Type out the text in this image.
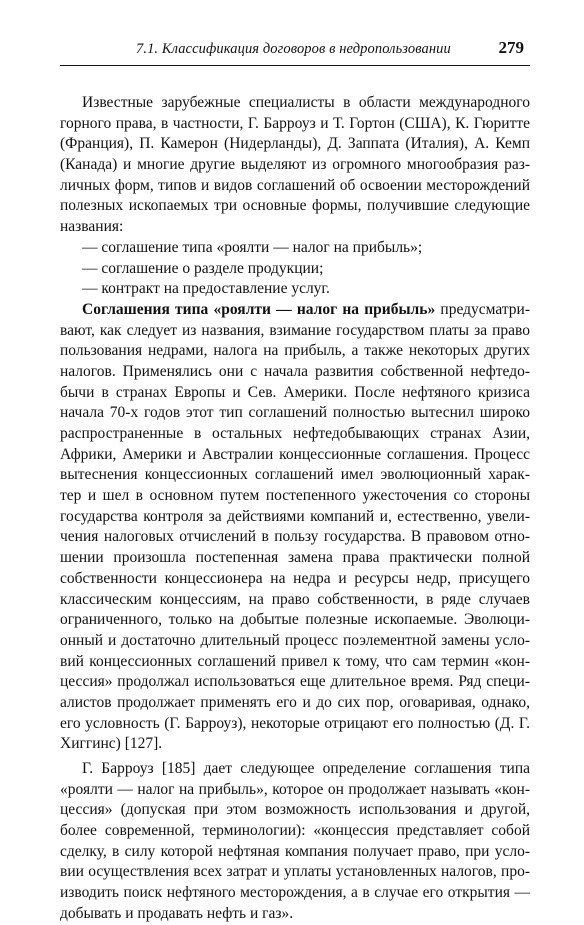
7.1. Классификация договоров в недропользовании	279
Известные зарубежные специалисты в области международного
горного права, в частности, Г. Барроуз и Т. Гортон (США), К. Гюритте
(Франция), П. Камерон (Нидерланды), Д. Заппата (Италия), А. Кемп
(Канада) и многие другие выделяют из огромного многообразия раз-
личных форм, типов и видов соглашений об освоении месторождений
полезных ископаемых три основные формы, получившие следующие
названия:
— соглашение типа «роялти — налог на прибыль»;
— соглашение о разделе продукции;
— контракт на предоставление услуг.
Соглашения типа «роялти — налог на прибыль» предусматри-
вают, как следует из названия, взимание государством платы за право
пользования недрами, налога на прибыль, а также некоторых других
налогов. Применялись они с начала развития собственной нефтедо-
бычи в странах Европы и Сев. Америки. После нефтяного кризиса
начала 70-х годов этот тип соглашений полностью вытеснил широко
распространенные в остальных нефтедобывающих странах Азии,
Африки, Америки и Австралии концессионные соглашения. Процесс
вытеснения концессионных соглашений имел эволюционный харак-
тер и шел в основном путем постепенного ужесточения со стороны
государства контроля за действиями компаний и, естественно, увели-
чения налоговых отчислений в пользу государства. В правовом отно-
шении произошла постепенная замена права практически полной
собственности концессионера на недра и ресурсы недр, присущего
классическим концессиям, на право собственности, в ряде случаев
ограниченного, только на добытые полезные ископаемые. Эволюци-
онный и достаточно длительный процесс поэлементной замены усло-
вий концессионных соглашений привел к тому, что сам термин «кон-
цессия» продолжал использоваться еще длительное время. Ряд специ-
алистов продолжает применять его и до сих пор, оговаривая, однако,
его условность (Г. Барроуз), некоторые отрицают его полностью (Д. Г.
Хиггинс) [127].
Г. Барроуз [185] дает следующее определение соглашения типа
«роялти — налог на прибыль», которое он продолжает называть «кон-
цессия» (допуская при этом возможность использования и другой,
более современной, терминологии): «концессия представляет собой
сделку, в силу которой нефтяная компания получает право, при усло-
вии осуществления всех затрат и уплаты установленных налогов, про-
изводить поиск нефтяного месторождения, а в случае его открытия —
добывать и продавать нефть и газ».
